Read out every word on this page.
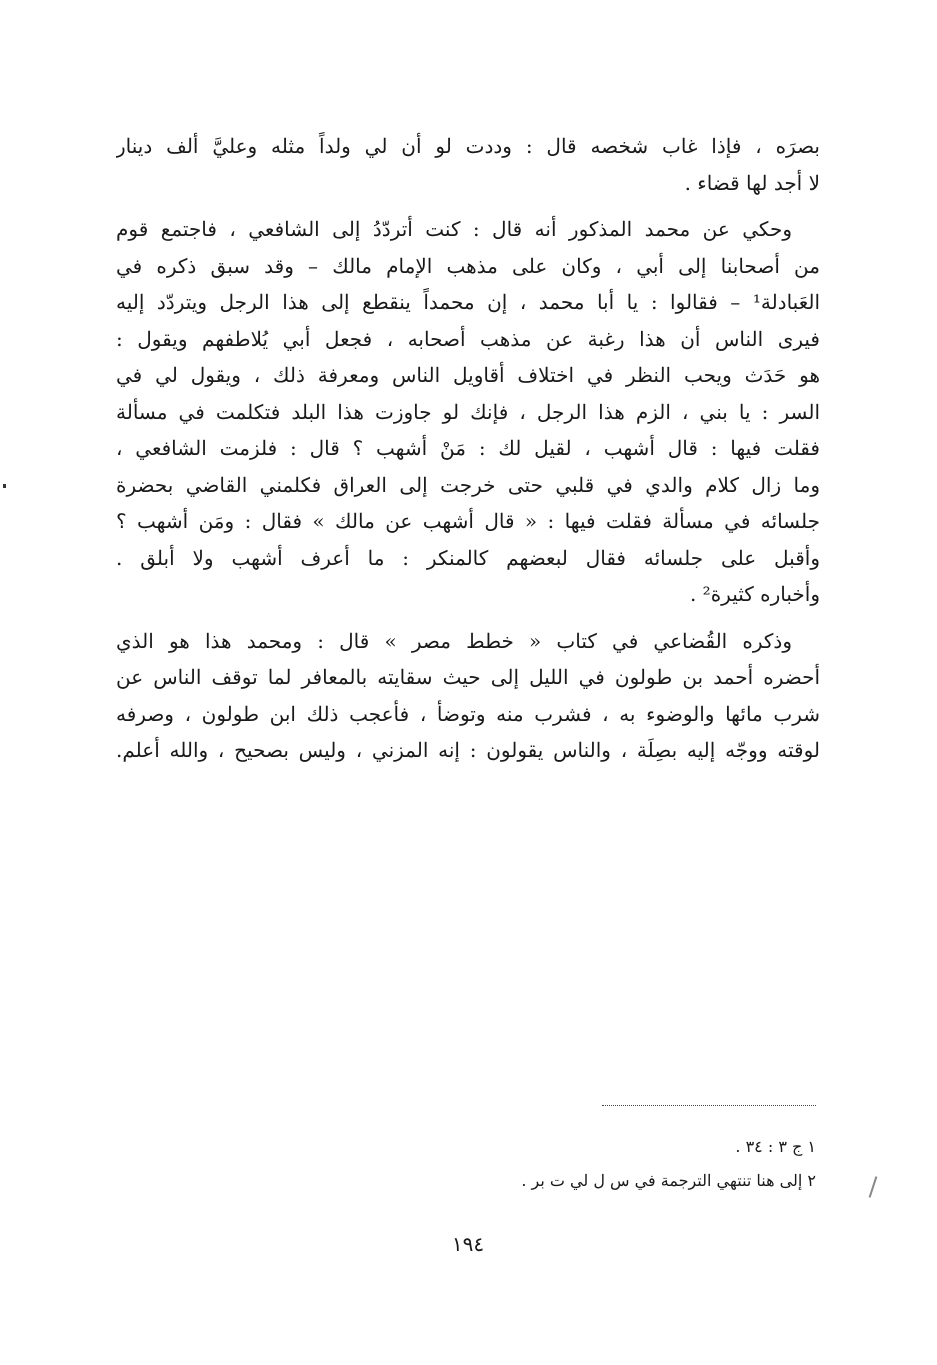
بصرَه ، فإذا غاب شخصه قال : وددت لو أن لي ولداً مثله وعليَّ ألف دينار
لا أجد لها قضاء .

وحكي عن محمد المذكور أنه قال : كنت أتردّدُ إلى الشافعي ، فاجتمع قوم
من أصحابنا إلى أبي ، وكان على مذهب الإمام مالك – وقد سبق ذكره في
العَبادلة¹ – فقالوا : يا أبا محمد ، إن محمداً ينقطع إلى هذا الرجل ويتردّد إليه
فيرى الناس أن هذا رغبة عن مذهب أصحابه ، فجعل أبي يُلاطفهم ويقول :
هو حَدَث ويحب النظر في اختلاف أقاويل الناس ومعرفة ذلك ، ويقول لي في
السر : يا بني ، الزم هذا الرجل ، فإنك لو جاوزت هذا البلد فتكلمت في مسألة
فقلت فيها : قال أشهب ، لقيل لك : مَنْ أشهب ؟ قال : فلزمت الشافعي ،
وما زال كلام والدي في قلبي حتى خرجت إلى العراق فكلمني القاضي بحضرة
جلسائه في مسألة فقلت فيها : « قال أشهب عن مالك » فقال : ومَن أشهب ؟
وأقبل على جلسائه فقال لبعضهم كالمنكر : ما أعرف أشهب ولا أبلق .
وأخباره كثيرة² .

وذكره القُضاعي في كتاب « خطط مصر » قال : ومحمد هذا هو الذي
أحضره أحمد بن طولون في الليل إلى حيث سقايته بالمعافر لما توقف الناس عن
شرب مائها والوضوء به ، فشرب منه وتوضأ ، فأعجب ذلك ابن طولون ، وصرفه
لوقته ووجّه إليه بصِلَة ، والناس يقولون : إنه المزني ، وليس بصحيح ، والله أعلم.

١ ج ٣ : ٣٤ .
٢ إلى هنا تنتهي الترجمة في س ل لي ت بر .
١٩٤
